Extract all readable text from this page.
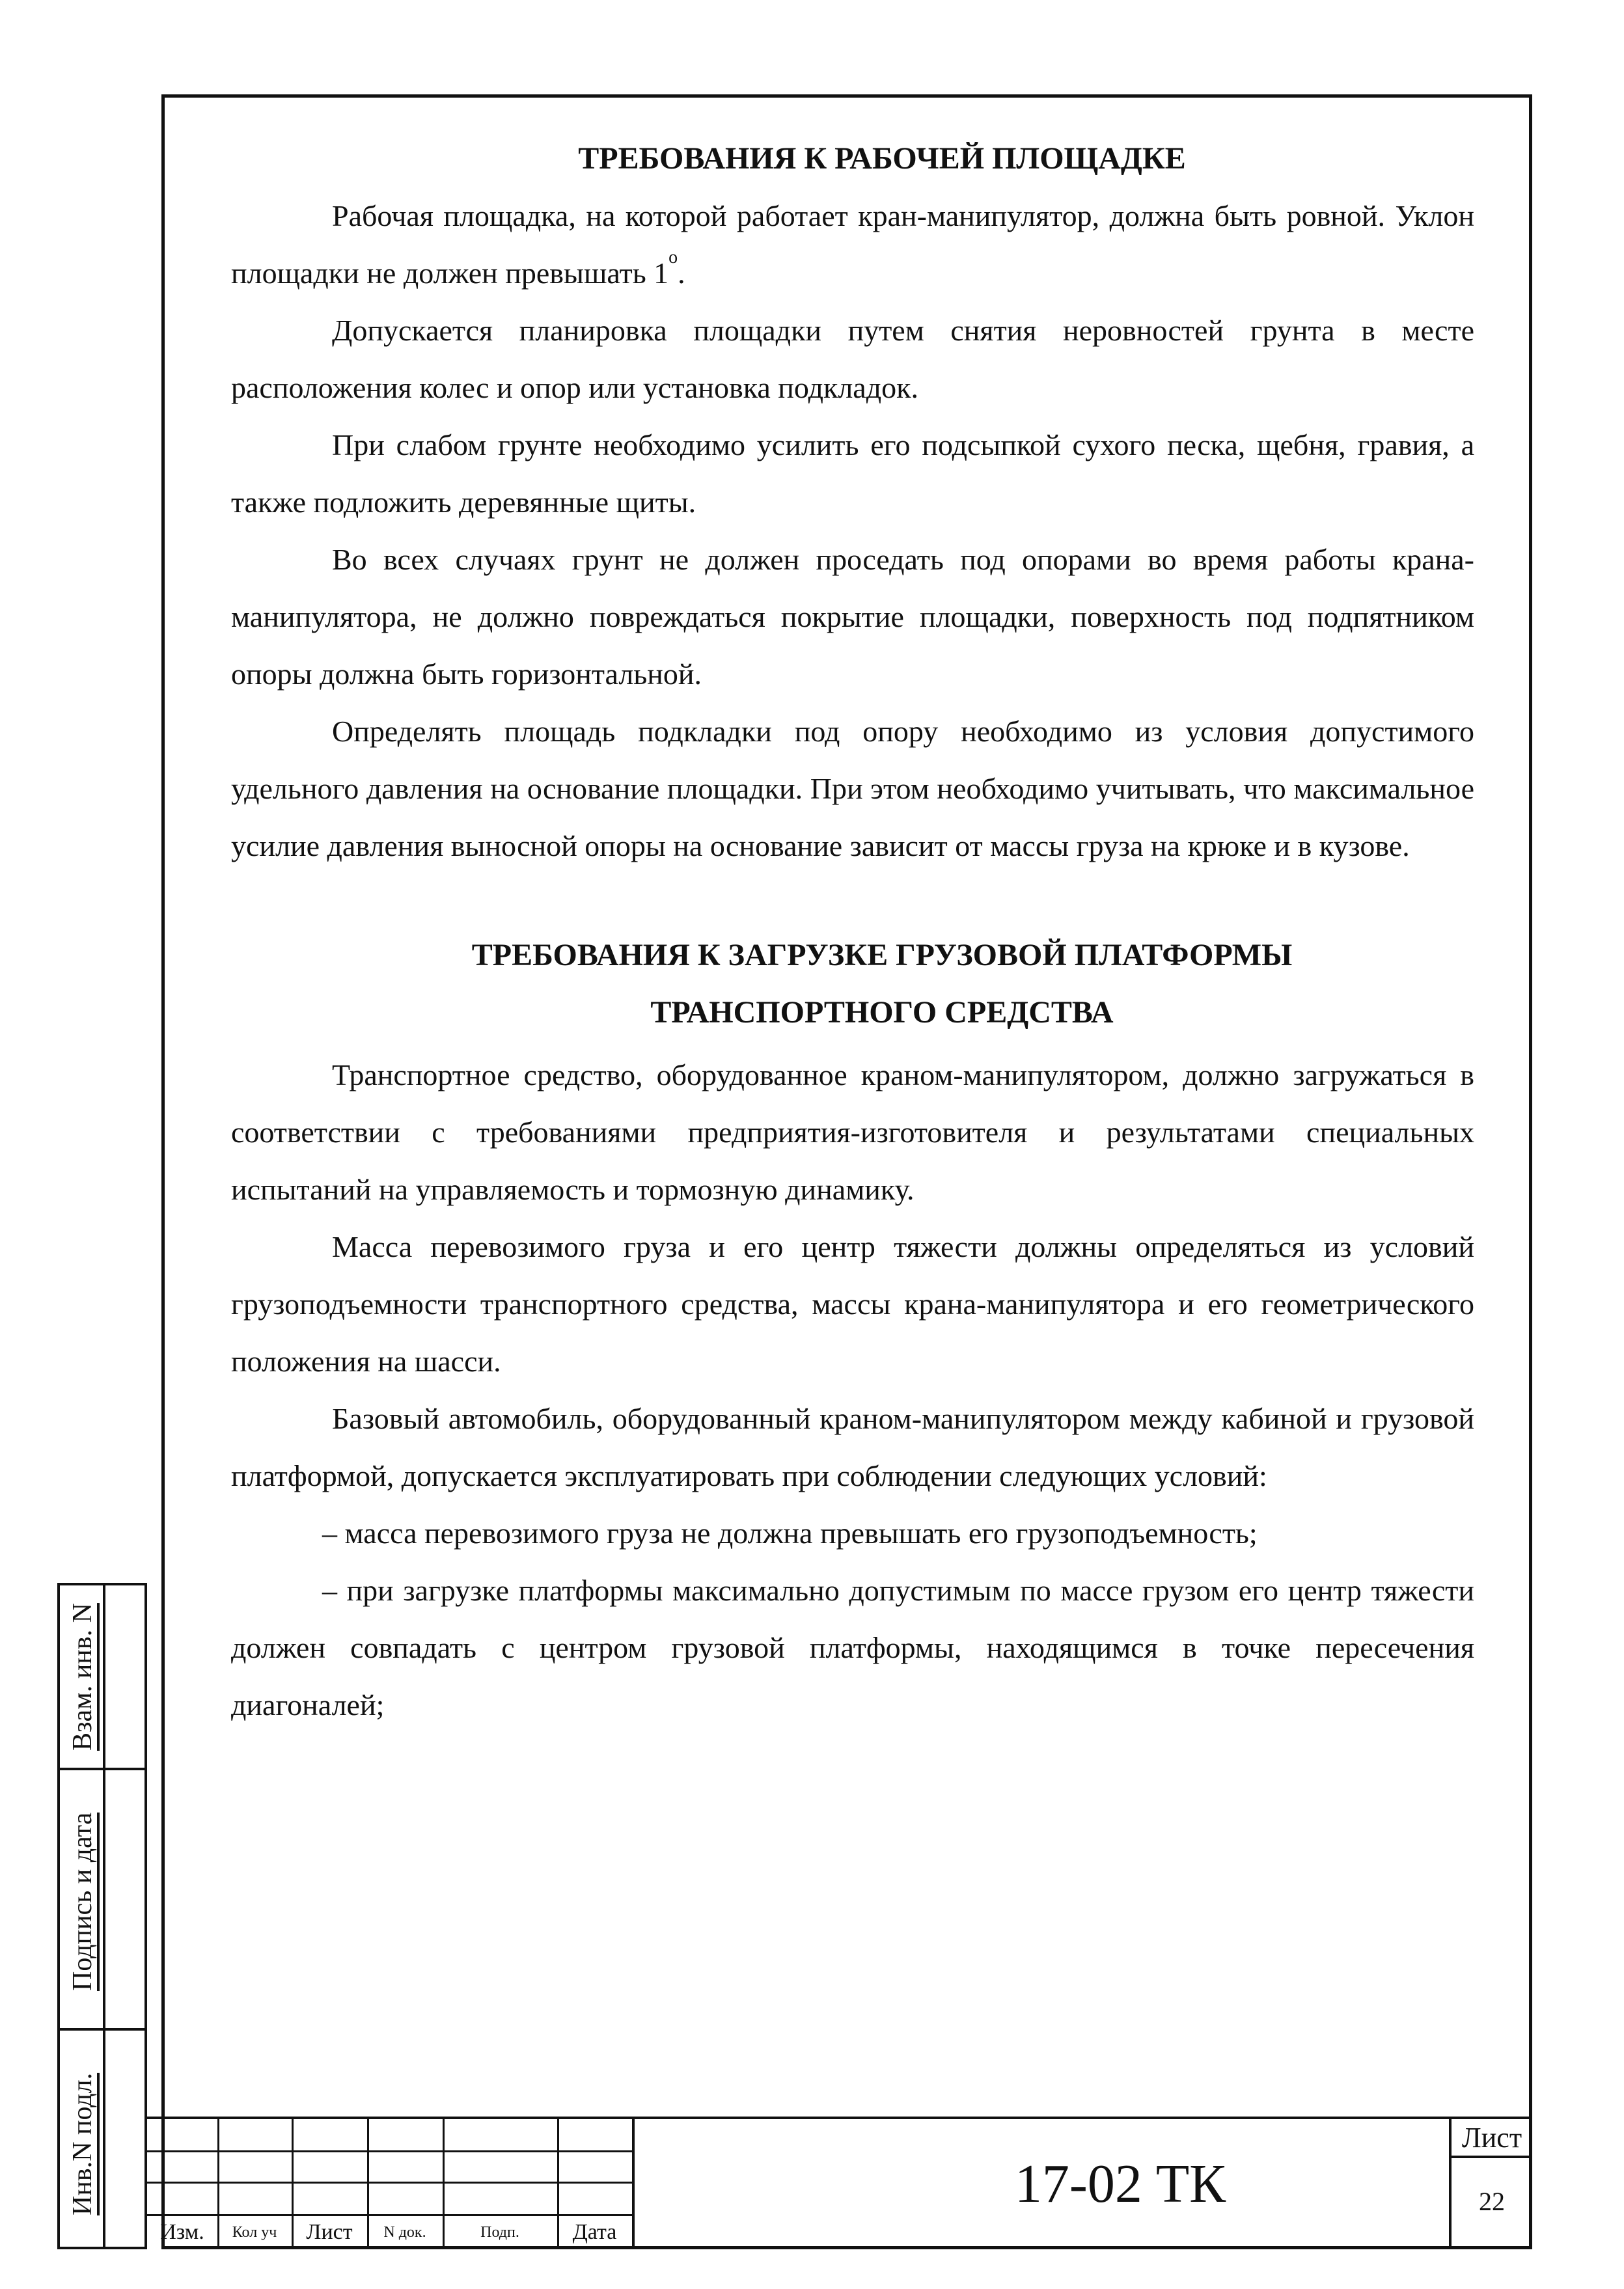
ТРЕБОВАНИЯ К РАБОЧЕЙ ПЛОЩАДКЕ

Рабочая площадка, на которой работает кран-манипулятор, должна быть ровной. Уклон площадки не должен превышать $1^о$.

Допускается планировка площадки путем снятия неровностей грунта в месте расположения колес и опор или установка подкладок.

При слабом грунте необходимо усилить его подсыпкой сухого песка, щебня, гравия, а также подложить деревянные щиты.

Во всех случаях грунт не должен проседать под опорами во время работы крана-манипулятора, не должно повреждаться покрытие площадки, поверхность под подпятником опоры должна быть горизонтальной.

Определять площадь подкладки под опору необходимо из условия допустимого удельного давления на основание площадки. При этом необходимо учитывать, что максимальное усилие давления выносной опоры на основание зависит от массы груза на крюке и в кузове.

ТРЕБОВАНИЯ К ЗАГРУЗКЕ ГРУЗОВОЙ ПЛАТФОРМЫ
ТРАНСПОРТНОГО СРЕДСТВА

Транспортное средство, оборудованное краном-манипулятором, должно загружаться в соответствии с требованиями предприятия-изготовителя и результатами специальных испытаний на управляемость и тормозную динамику.

Масса перевозимого груза и его центр тяжести должны определяться из условий грузоподъемности транспортного средства, массы крана-манипулятора и его геометрического положения на шасси.

Базовый автомобиль, оборудованный краном-манипулятором между кабиной и грузовой платформой, допускается эксплуатировать при соблюдении следующих условий:

– масса перевозимого груза не должна превышать его грузоподъемность;

– при загрузке платформы максимально допустимым по массе грузом его центр тяжести должен совпадать с центром грузовой платформы, находящимся в точке пересечения диагоналей;

Инв.N подл.
Подпись и дата
Взам. инв. N
Изм.	Кол уч	Лист	N док.	Подп.	Дата
17-02 ТК
Лист
22
